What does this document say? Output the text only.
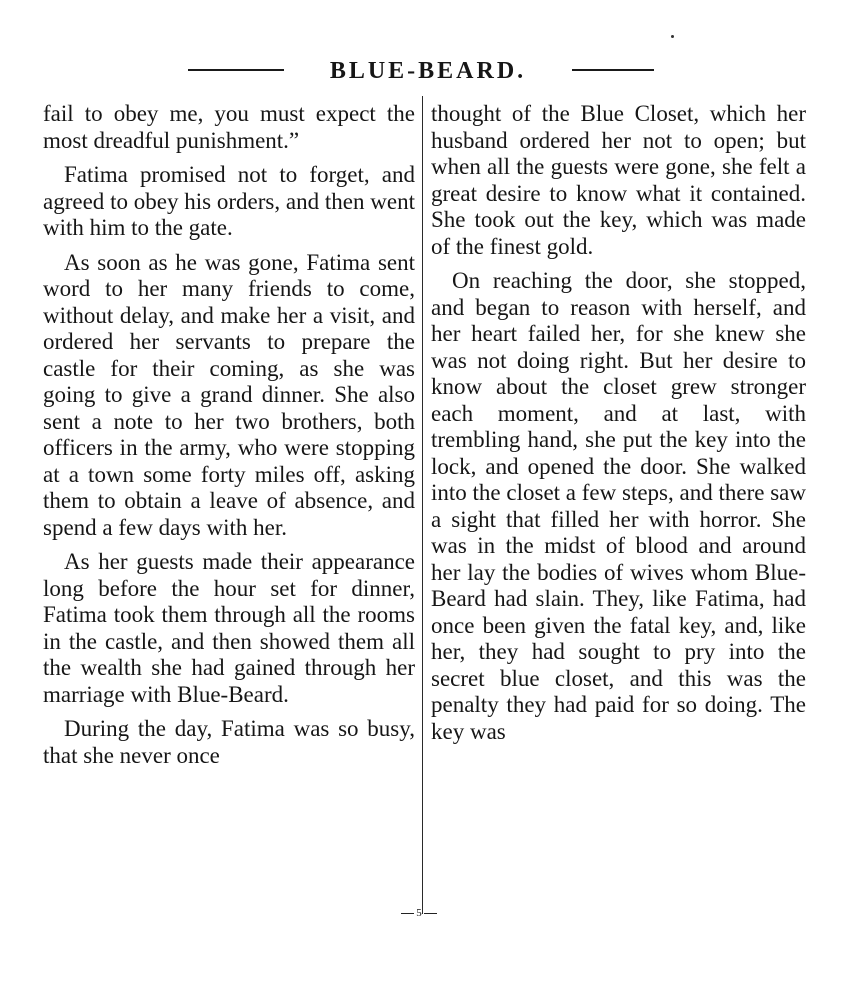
BLUE-BEARD.

fail to obey me, you must expect the most dreadful punishment.”

Fatima promised not to forget, and agreed to obey his orders, and then went with him to the gate.

As soon as he was gone, Fatima sent word to her many friends to come, without delay, and make her a visit, and ordered her servants to prepare the castle for their coming, as she was going to give a grand dinner. She also sent a note to her two brothers, both officers in the army, who were stopping at a town some forty miles off, asking them to obtain a leave of absence, and spend a few days with her.

As her guests made their appearance long before the hour set for dinner, Fatima took them through all the rooms in the castle, and then showed them all the wealth she had gained through her marriage with Blue-Beard.

During the day, Fatima was so busy, that she never once

thought of the Blue Closet, which her husband ordered her not to open; but when all the guests were gone, she felt a great desire to know what it contained. She took out the key, which was made of the finest gold.

On reaching the door, she stopped, and began to reason with herself, and her heart failed her, for she knew she was not doing right. But her desire to know about the closet grew stronger each moment, and at last, with trembling hand, she put the key into the lock, and opened the door. She walked into the closet a few steps, and there saw a sight that filled her with horror. She was in the midst of blood and around her lay the bodies of wives whom Blue-Beard had slain. They, like Fatima, had once been given the fatal key, and, like her, they had sought to pry into the secret blue closet, and this was the penalty they had paid for so doing. The key was

5
